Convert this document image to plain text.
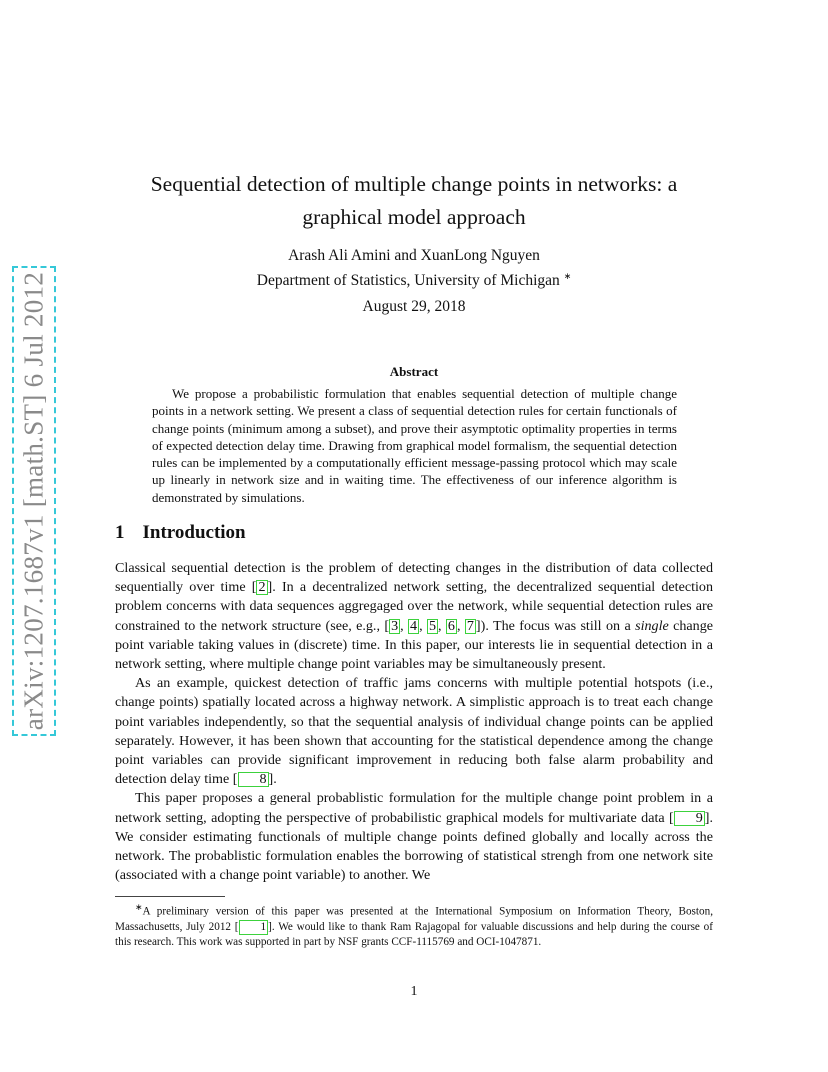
arXiv:1207.1687v1 [math.ST] 6 Jul 2012
Sequential detection of multiple change points in networks: a graphical model approach
Arash Ali Amini and XuanLong Nguyen
Department of Statistics, University of Michigan ∗
August 29, 2018
Abstract
We propose a probabilistic formulation that enables sequential detection of multiple change points in a network setting. We present a class of sequential detection rules for certain functionals of change points (minimum among a subset), and prove their asymptotic optimality properties in terms of expected detection delay time. Drawing from graphical model formalism, the sequential detection rules can be implemented by a computationally efficient message-passing protocol which may scale up linearly in network size and in waiting time. The effectiveness of our inference algorithm is demonstrated by simulations.
1 Introduction

Classical sequential detection is the problem of detecting changes in the distribution of data collected sequentially over time [ 2 ]. In a decentralized network setting, the decentralized sequential detection problem concerns with data sequences aggregaged over the network, while sequential detection rules are constrained to the network structure (see, e.g., [ 3 , 4 , 5 , 6 , 7 ]). The focus was still on a single change point variable taking values in (discrete) time. In this paper, our interests lie in sequential detection in a network setting, where multiple change point variables may be simultaneously present.

As an example, quickest detection of traffic jams concerns with multiple potential hotspots (i.e., change points) spatially located across a highway network. A simplistic approach is to treat each change point variables independently, so that the sequential analysis of individual change points can be applied separately. However, it has been shown that accounting for the statistical dependence among the change point variables can provide significant improvement in reducing both false alarm probability and detection delay time [ 8 ].

This paper proposes a general probablistic formulation for the multiple change point problem in a network setting, adopting the perspective of probabilistic graphical models for multivariate data [ 9 ]. We consider estimating functionals of multiple change points defined globally and locally across the network. The probablistic formulation enables the borrowing of statistical strengh from one network site (associated with a change point variable) to another. We

∗A preliminary version of this paper was presented at the International Symposium on Information Theory, Boston, Massachusetts, July 2012 [ 1 ]. We would like to thank Ram Rajagopal for valuable discussions and help during the course of this research. This work was supported in part by NSF grants CCF-1115769 and OCI-1047871.
1
